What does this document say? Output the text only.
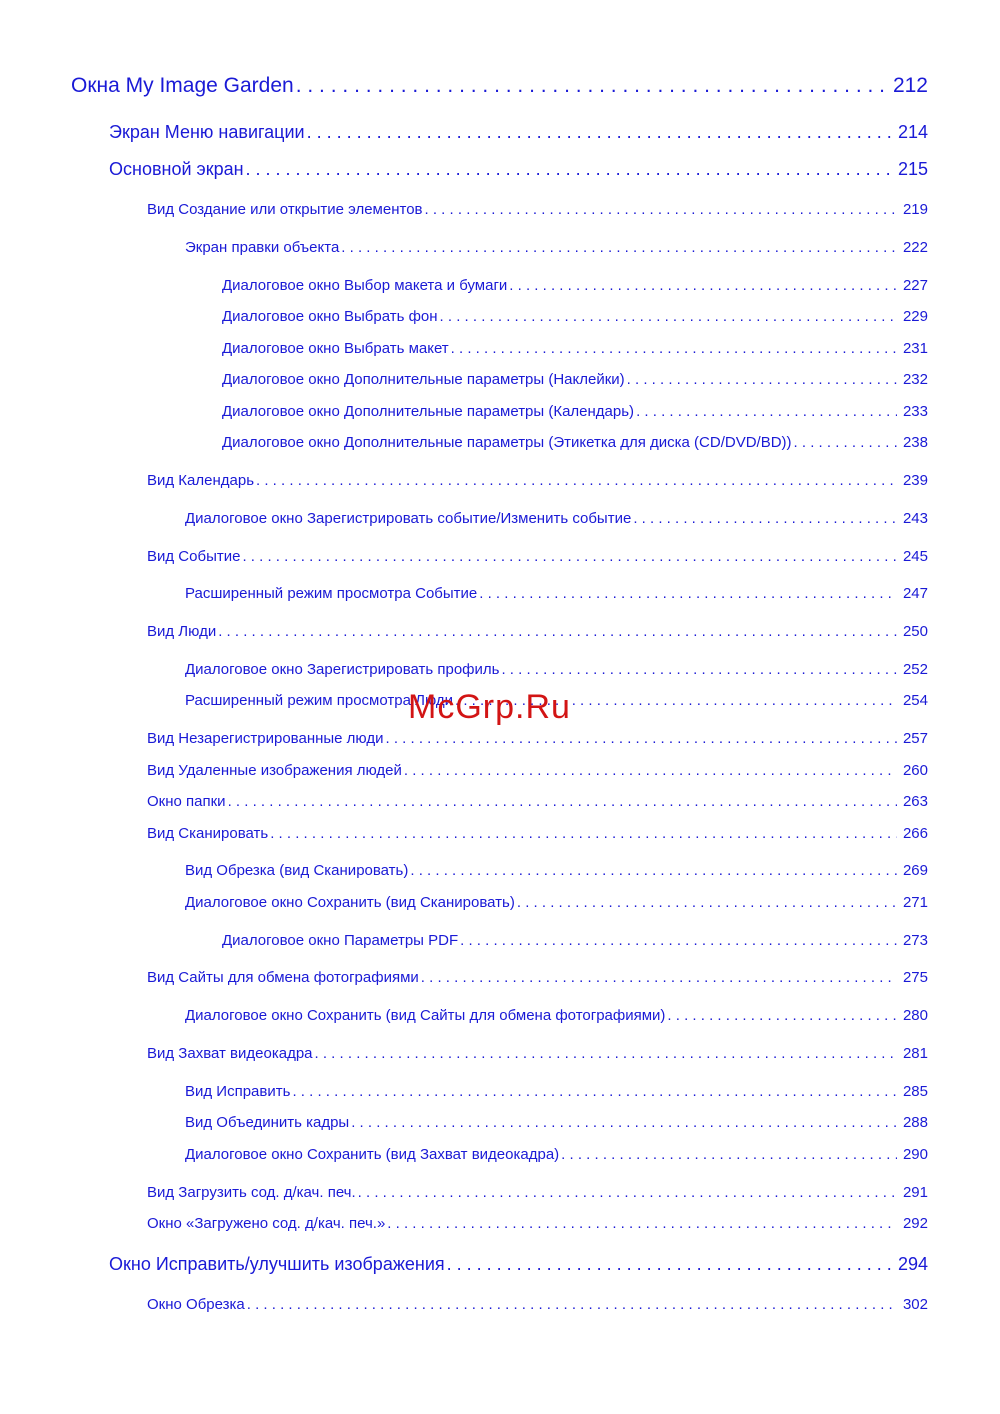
Окна My Image Garden . . .	212
Экран Меню навигации . . .	214
Основной экран . . .	215
Вид Создание или открытие элементов . . .	219
Экран правки объекта . . .	222
Диалоговое окно Выбор макета и бумаги . . .	227
Диалоговое окно Выбрать фон . . .	229
Диалоговое окно Выбрать макет . . .	231
Диалоговое окно Дополнительные параметры (Наклейки) . . .	232
Диалоговое окно Дополнительные параметры (Календарь) . . .	233
Диалоговое окно Дополнительные параметры (Этикетка для диска (CD/DVD/BD)) . . .	238
Вид Календарь . . .	239
Диалоговое окно Зарегистрировать событие/Изменить событие . . .	243
Вид Событие . . .	245
Расширенный режим просмотра Событие . . .	247
Вид Люди . . .	250
Диалоговое окно Зарегистрировать профиль . . .	252
Расширенный режим просмотра Люди . . .	254
Вид Незарегистрированные люди . . .	257
Вид Удаленные изображения людей . . .	260
Окно папки . . .	263
Вид Сканировать . . .	266
Вид Обрезка (вид Сканировать) . . .	269
Диалоговое окно Сохранить (вид Сканировать) . . .	271
Диалоговое окно Параметры PDF . . .	273
Вид Сайты для обмена фотографиями . . .	275
Диалоговое окно Сохранить (вид Сайты для обмена фотографиями) . . .	280
Вид Захват видеокадра . . .	281
Вид Исправить . . .	285
Вид Объединить кадры . . .	288
Диалоговое окно Сохранить (вид Захват видеокадра) . . .	290
Вид Загрузить сод. д/кач. печ. . . .	291
Окно «Загружено сод. д/кач. печ.» . . .	292
Окно Исправить/улучшить изображения . . .	294
Окно Обрезка . . .	302
McGrp.Ru
